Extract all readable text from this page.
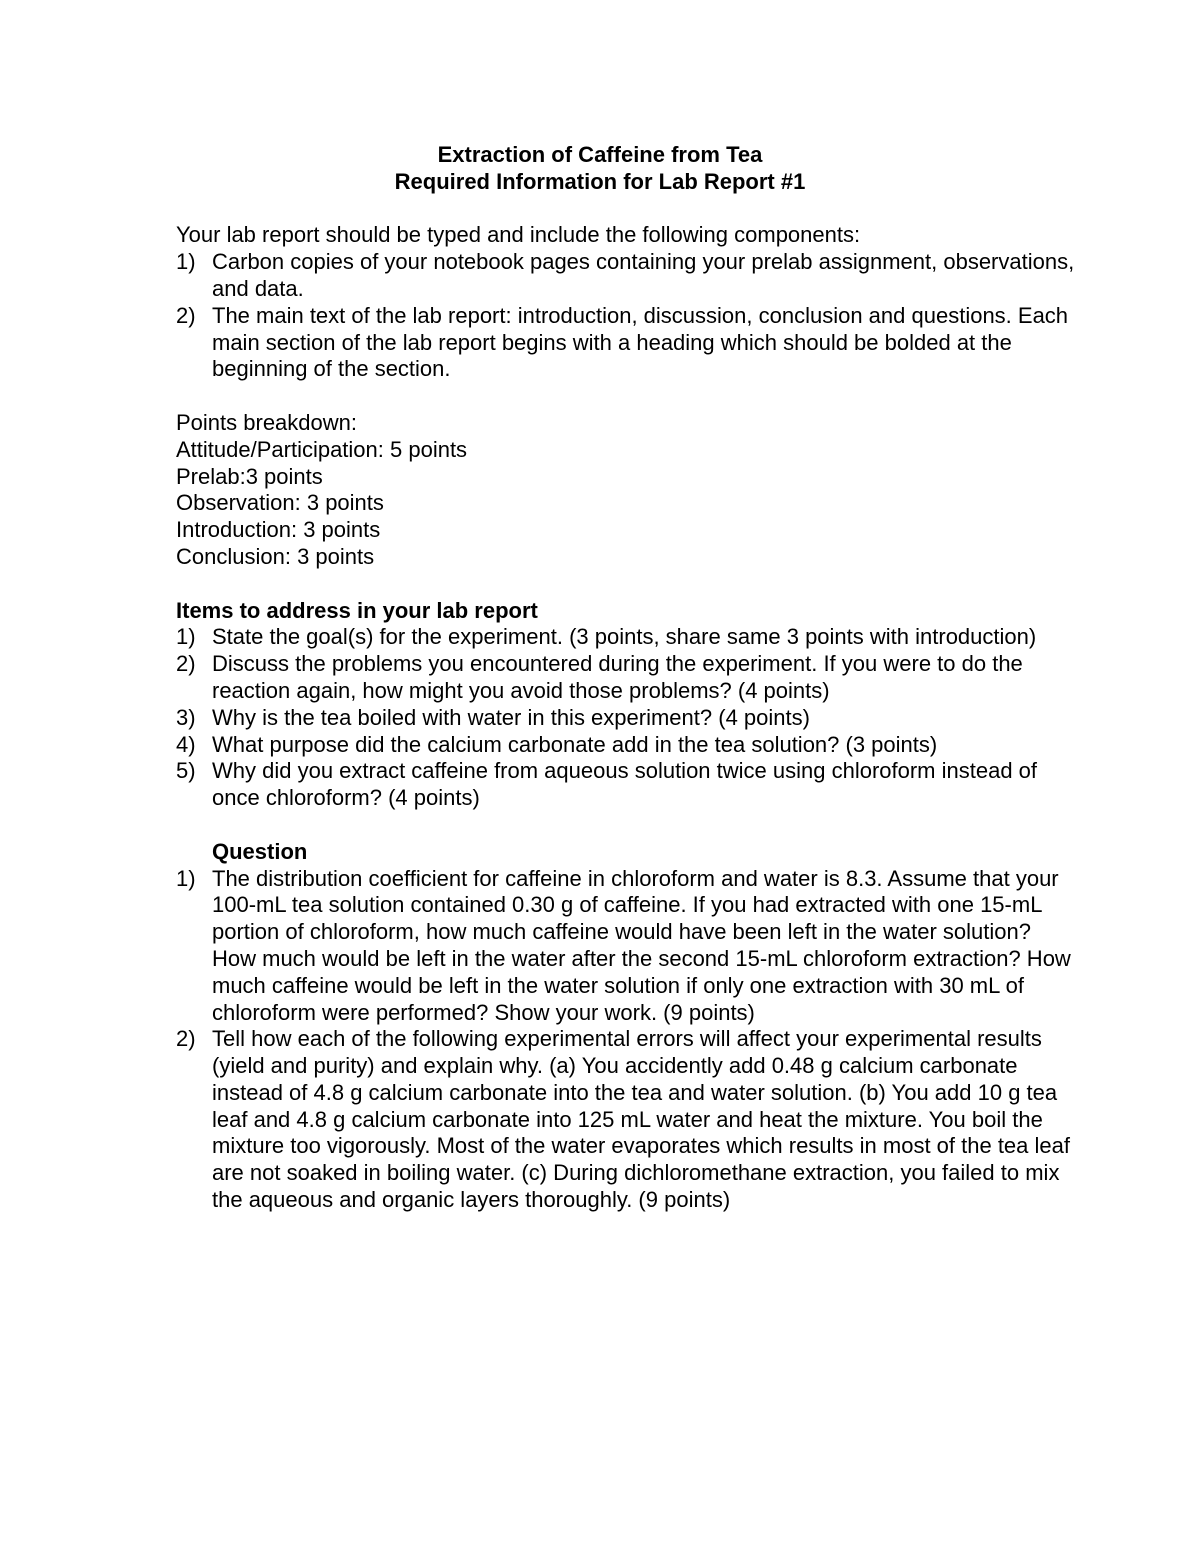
Extraction of Caffeine from Tea
Required Information for Lab Report #1
Your lab report should be typed and include the following components:
1) Carbon copies of your notebook pages containing your prelab assignment, observations, and data.
2) The main text of the lab report: introduction, discussion, conclusion and questions. Each main section of the lab report begins with a heading which should be bolded at the beginning of the section.
Points breakdown:
Attitude/Participation: 5 points
Prelab:3 points
Observation: 3 points
Introduction: 3 points
Conclusion: 3 points
Items to address in your lab report
1) State the goal(s) for the experiment. (3 points, share same 3 points with introduction)
2) Discuss the problems you encountered during the experiment. If you were to do the reaction again, how might you avoid those problems? (4 points)
3) Why is the tea boiled with water in this experiment? (4 points)
4) What purpose did the calcium carbonate add in the tea solution? (3 points)
5) Why did you extract caffeine from aqueous solution twice using chloroform instead of once chloroform? (4 points)
Question
1) The distribution coefficient for caffeine in chloroform and water is 8.3. Assume that your 100-mL tea solution contained 0.30 g of caffeine. If you had extracted with one 15-mL portion of chloroform, how much caffeine would have been left in the water solution? How much would be left in the water after the second 15-mL chloroform extraction? How much caffeine would be left in the water solution if only one extraction with 30 mL of chloroform were performed? Show your work. (9 points)
2) Tell how each of the following experimental errors will affect your experimental results (yield and purity) and explain why. (a) You accidently add 0.48 g calcium carbonate instead of 4.8 g calcium carbonate into the tea and water solution. (b) You add 10 g tea leaf and 4.8 g calcium carbonate into 125 mL water and heat the mixture. You boil the mixture too vigorously. Most of the water evaporates which results in most of the tea leaf are not soaked in boiling water. (c) During dichloromethane extraction, you failed to mix the aqueous and organic layers thoroughly. (9 points)
